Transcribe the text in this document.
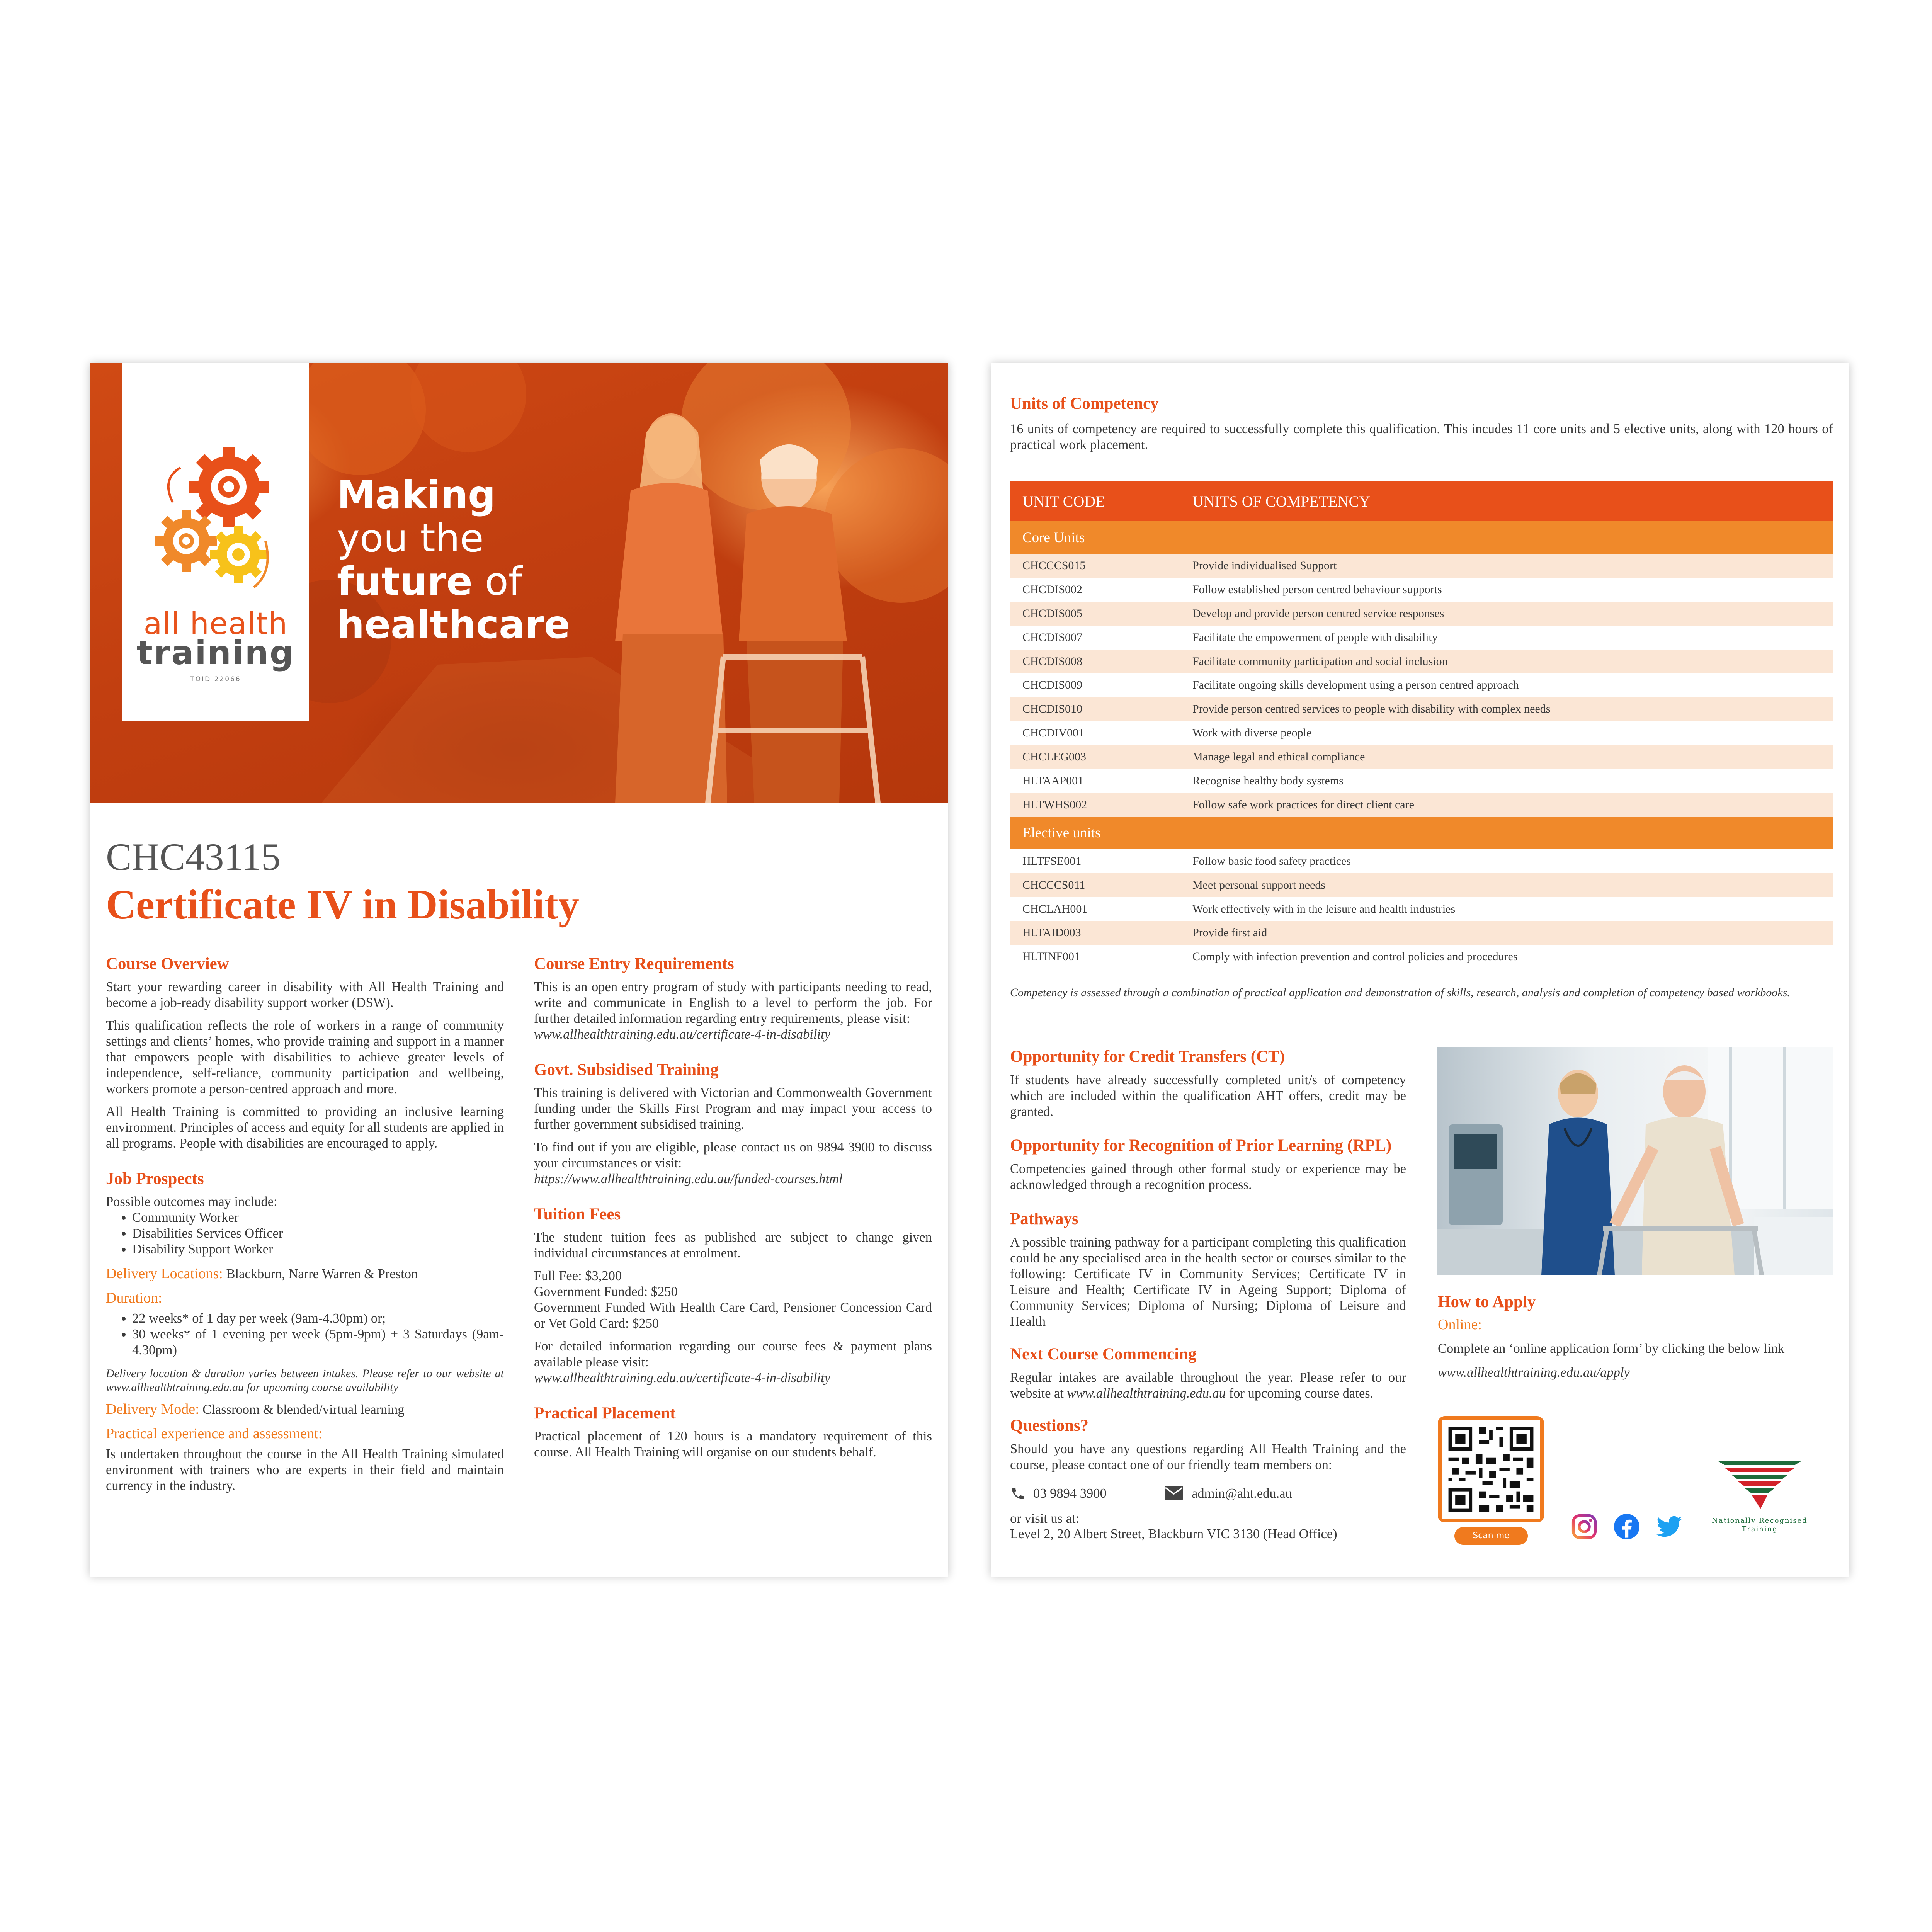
all health
training
TOID 22066
Making
you the
future of
healthcare
CHC43115
Certificate IV in Disability
Course Overview

Start your rewarding career in disability with All Health Training and become a job-ready disability support worker (DSW).

This qualification reflects the role of workers in a range of community settings and clients’ homes, who provide training and support in a manner that empowers people with disabilities to achieve greater levels of independence, self-reliance, community participation and wellbeing, workers promote a person-centred approach and more.

All Health Training is committed to providing an inclusive learning environment. Principles of access and equity for all students are applied in all programs. People with disabilities are encouraged to apply.

Job Prospects
Possible outcomes may include:
• Community Worker
• Disabilities Services Officer
• Disability Support Worker

Delivery Locations: Blackburn, Narre Warren & Preston

Duration:
• 22 weeks* of 1 day per week (9am-4.30pm) or;
• 30 weeks* of 1 evening per week (5pm-9pm) + 3 Saturdays (9am-4.30pm)

Delivery location & duration varies between intakes. Please refer to our website at www.allhealthtraining.edu.au for upcoming course availability

Delivery Mode: Classroom & blended/virtual learning

Practical experience and assessment:

Is undertaken throughout the course in the All Health Training simulated environment with trainers who are experts in their field and maintain currency in the industry.

Course Entry Requirements
This is an open entry program of study with participants needing to read, write and communicate in English to a level to perform the job. For further detailed information regarding entry requirements, please visit:

www.allhealthtraining.edu.au/certificate-4-in-disability

Govt. Subsidised Training

This training is delivered with Victorian and Commonwealth Government funding under the Skills First Program and may impact your access to further government subsidised training.

To find out if you are eligible, please contact us on 9894 3900 to discuss your circumstances or visit:

https://www.allhealthtraining.edu.au/funded-courses.html

Tuition Fees

The student tuition fees as published are subject to change given individual circumstances at enrolment.

Full Fee: $3,200
Government Funded: $250

Government Funded With Health Care Card, Pensioner Concession Card or Vet Gold Card: $250

For detailed information regarding our course fees & payment plans available please visit:

www.allhealthtraining.edu.au/certificate-4-in-disability

Practical Placement

Practical placement of 120 hours is a mandatory requirement of this course. All Health Training will organise on our students behalf.

Units of Competency
16 units of competency are required to successfully complete this qualification. This incudes 11 core units and 5 elective units, along with 120 hours of practical work placement.
UNIT CODE	UNITS OF COMPETENCY
Core Units	
CHCCCS015	Provide individualised Support
CHCDIS002	Follow established person centred behaviour supports
CHCDIS005	Develop and provide person centred service responses
CHCDIS007	Facilitate the empowerment of people with disability
CHCDIS008	Facilitate community participation and social inclusion
CHCDIS009	Facilitate ongoing skills development using a person centred approach
CHCDIS010	Provide person centred services to people with disability with complex needs
CHCDIV001	Work with diverse people
CHCLEG003	Manage legal and ethical compliance
HLTAAP001	Recognise healthy body systems
HLTWHS002	Follow safe work practices for direct client care
Elective units	
HLTFSE001	Follow basic food safety practices
CHCCCS011	Meet personal support needs
CHCLAH001	Work effectively with in the leisure and health industries
HLTAID003	Provide first aid
HLTINF001	Comply with infection prevention and control policies and procedures
Competency is assessed through a combination of practical application and demonstration of skills, research, analysis and completion of competency based workbooks.
Opportunity for Credit Transfers (CT)
If students have already successfully completed unit/s of competency which are included within the qualification AHT offers, credit may be granted.
Opportunity for Recognition of Prior Learning (RPL)
Competencies gained through other formal study or experience may be acknowledged through a recognition process.
Pathways
A possible training pathway for a participant completing this qualification could be any specialised area in the health sector or courses similar to the following: Certificate IV in Community Services; Certificate IV in Leisure and Health; Certificate IV in Ageing Support; Diploma of Community Services; Diploma of Nursing; Diploma of Leisure and Health
Next Course Commencing
Regular intakes are available throughout the year. Please refer to our website at www.allhealthtraining.edu.au for upcoming course dates.
Questions?
Should you have any questions regarding All Health Training and the course, please contact one of our friendly team members on:
03 9894 3900	admin@aht.edu.au
or visit us at:
Level 2, 20 Albert Street, Blackburn VIC 3130 (Head Office)
How to Apply
Online:
Complete an ‘online application form’ by clicking the below link
www.allhealthtraining.edu.au/apply
Scan me
Nationally Recognised
Training
